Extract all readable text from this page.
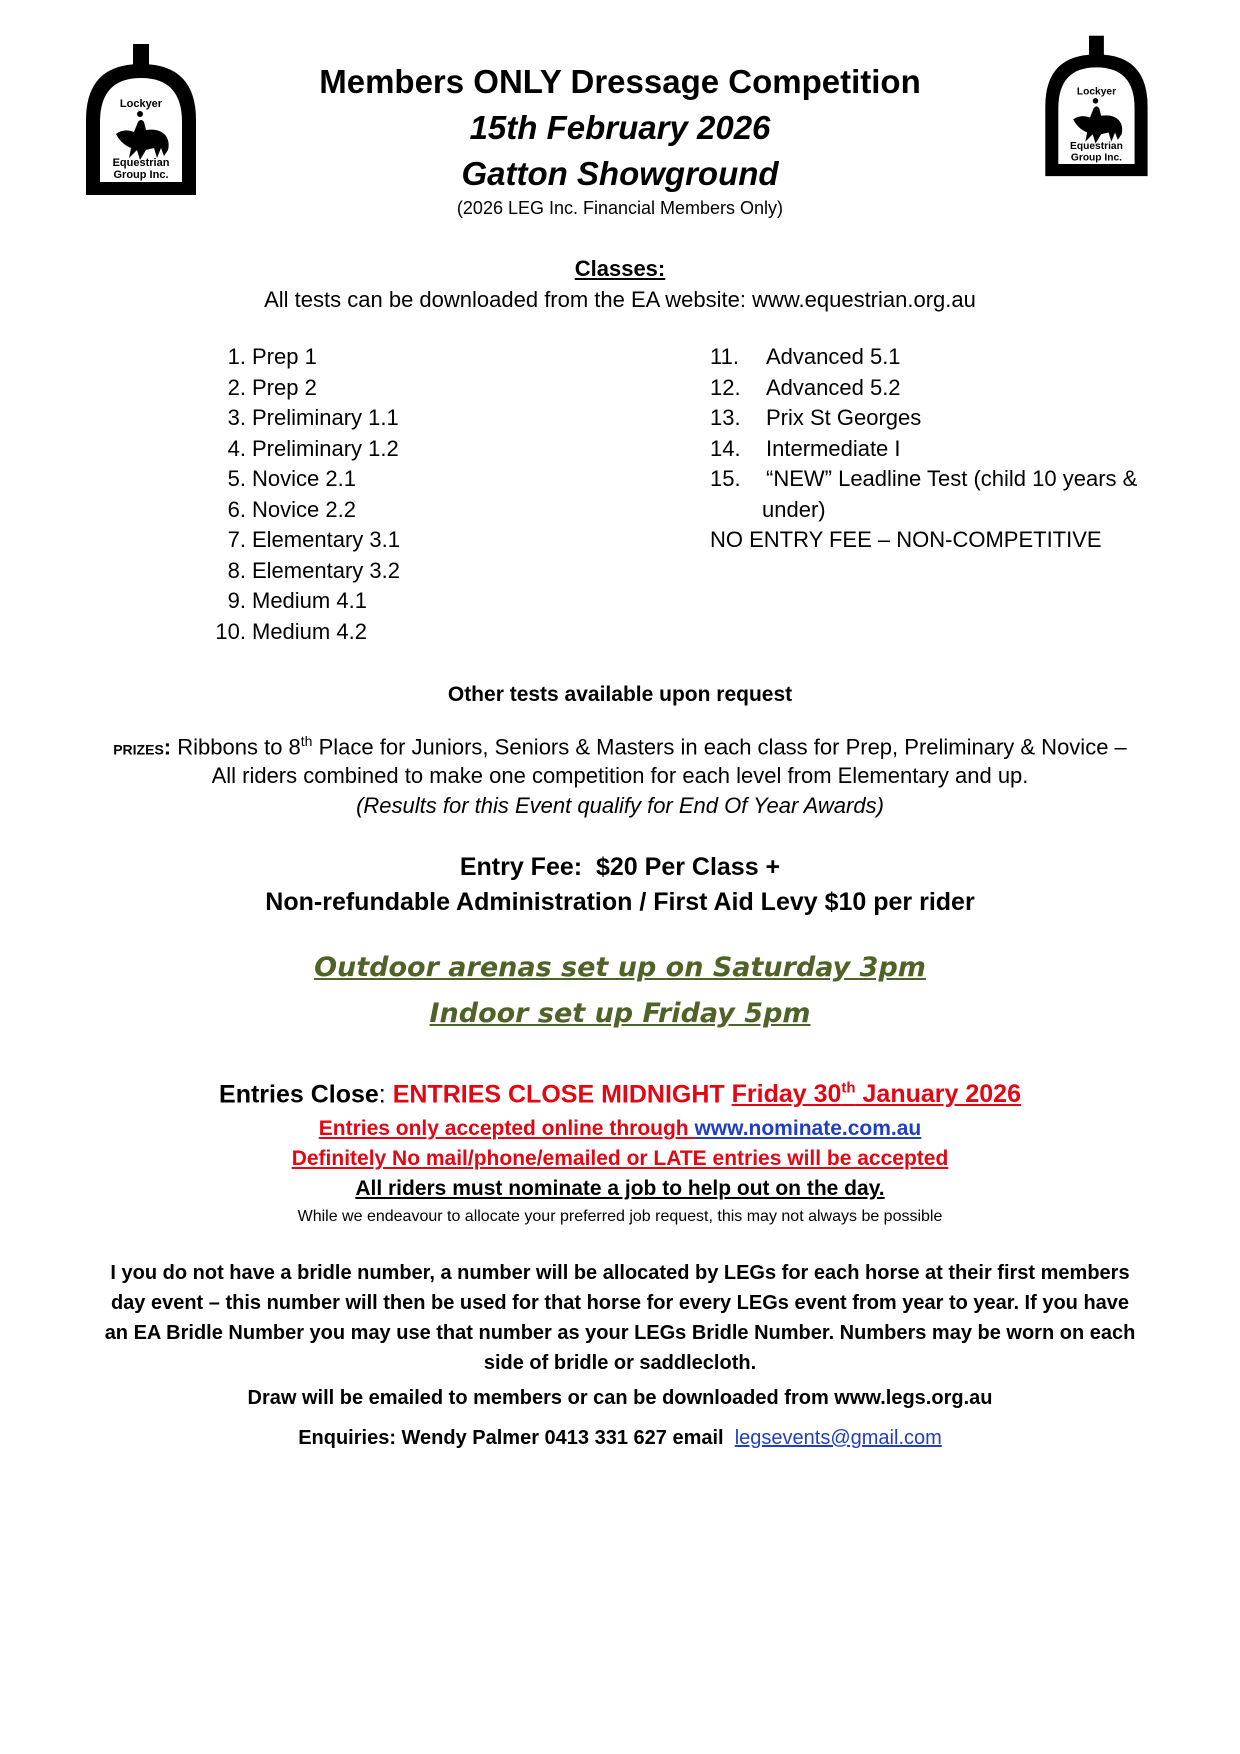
Lockyer
Equestrian
Group Inc.
Lockyer
Equestrian
Group Inc.
Members ONLY Dressage Competition
15th February 2026
Gatton Showground
(2026 LEG Inc. Financial Members Only)
Classes:
All tests can be downloaded from the EA website: www.equestrian.org.au
1. Prep 1
2. Prep 2
3. Preliminary 1.1
4. Preliminary 1.2
5. Novice 2.1
6. Novice 2.2
7. Elementary 3.1
8. Elementary 3.2
9. Medium 4.1
10. Medium 4.2
11.	Advanced 5.1
12. Advanced 5.2
13. Prix St Georges
14. Intermediate I
15. “NEW” Leadline Test (child 10 years &
under)
NO ENTRY FEE – NON-COMPETITIVE
Other tests available upon request
PRIZES: Ribbons to 8th Place for Juniors, Seniors & Masters in each class for Prep, Preliminary & Novice –
All riders combined to make one competition for each level from Elementary and up.
(Results for this Event qualify for End Of Year Awards)
Entry Fee:  $20 Per Class +
Non-refundable Administration / First Aid Levy $10 per rider
Outdoor arenas set up on Saturday 3pm
Indoor set up Friday 5pm
Entries Close: ENTRIES CLOSE MIDNIGHT Friday 30th January 2026
Entries only accepted online through www.nominate.com.au
Definitely No mail/phone/emailed or LATE entries will be accepted
All riders must nominate a job to help out on the day.
While we endeavour to allocate your preferred job request, this may not always be possible
I you do not have a bridle number, a number will be allocated by LEGs for each horse at their first members
day event – this number will then be used for that horse for every LEGs event from year to year. If you have
an EA Bridle Number you may use that number as your LEGs Bridle Number. Numbers may be worn on each
side of bridle or saddlecloth.
Draw will be emailed to members or can be downloaded from www.legs.org.au
Enquiries: Wendy Palmer 0413 331 627 email legsevents@gmail.com
